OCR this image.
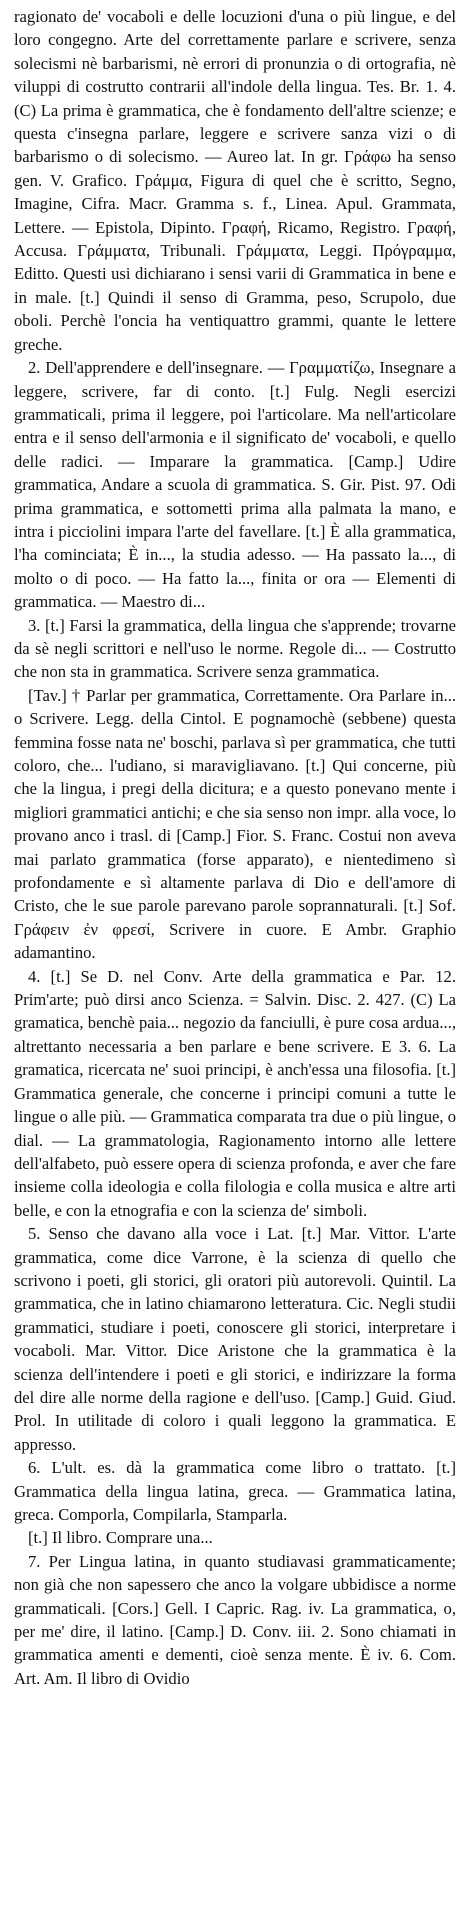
ragionato de' vocaboli e delle locuzioni d'una o più lingue, e del loro congegno. Arte del correttamente parlare e scrivere, senza solecismi nè barbarismi, nè errori di pronunzia o di ortografia, nè viluppi di costrutto contrarii all'indole della lingua. Tes. Br. 1. 4. (C) La prima è grammatica, che è fondamento dell'altre scienze; e questa c'insegna parlare, leggere e scrivere sanza vizi o di barbarismo o di solecismo. — Aureo lat. In gr. Γράφω ha senso gen. V. Grafico. Γράμμα, Figura di quel che è scritto, Segno, Imagine, Cifra. Macr. Gramma s. f., Linea. Apul. Grammata, Lettere. — Epistola, Dipinto. Γραφή, Ricamo, Registro. Γραφή, Accusa. Γράμματα, Tribunali. Γράμματα, Leggi. Πρόγραμμα, Editto. Questi usi dichiarano i sensi varii di Grammatica in bene e in male. [t.] Quindi il senso di Gramma, peso, Scrupolo, due oboli. Perchè l'oncia ha ventiquattro grammi, quante le lettere greche.

2. Dell'apprendere e dell'insegnare. — Γραμματίζω, Insegnare a leggere, scrivere, far di conto. [t.] Fulg. Negli esercizi grammaticali, prima il leggere, poi l'articolare. Ma nell'articolare entra e il senso dell'armonia e il significato de' vocaboli, e quello delle radici. — Imparare la grammatica. [Camp.] Udire grammatica, Andare a scuola di grammatica. S. Gir. Pist. 97. Odi prima grammatica, e sottometti prima alla palmata la mano, e intra i picciolini impara l'arte del favellare. [t.] È alla grammatica, l'ha cominciata; È in..., la studia adesso. — Ha passato la..., di molto o di poco. — Ha fatto la..., finita or ora — Elementi di grammatica. — Maestro di...

3. [t.] Farsi la grammatica, della lingua che s'apprende; trovarne da sè negli scrittori e nell'uso le norme. Regole di... — Costrutto che non sta in grammatica. Scrivere senza grammatica.

[Tav.] † Parlar per grammatica, Correttamente. Ora Parlare in... o Scrivere. Legg. della Cintol. E pognamochè (sebbene) questa femmina fosse nata ne' boschi, parlava sì per grammatica, che tutti coloro, che... l'udiano, si maravigliavano. [t.] Qui concerne, più che la lingua, i pregi della dicitura; e a questo ponevano mente i migliori grammatici antichi; e che sia senso non impr. alla voce, lo provano anco i trasl. di [Camp.] Fior. S. Franc. Costui non aveva mai parlato grammatica (forse apparato), e nientedimeno sì profondamente e sì altamente parlava di Dio e dell'amore di Cristo, che le sue parole parevano parole soprannaturali. [t.] Sof. Γράφειν ἐν φρεσί, Scrivere in cuore. E Ambr. Graphio adamantino.

4. [t.] Se D. nel Conv. Arte della grammatica e Par. 12. Prim'arte; può dirsi anco Scienza. = Salvin. Disc. 2. 427. (C) La gramatica, benchè paia... negozio da fanciulli, è pure cosa ardua..., altrettanto necessaria a ben parlare e bene scrivere. E 3. 6. La gramatica, ricercata ne' suoi principi, è anch'essa una filosofia. [t.] Grammatica generale, che concerne i principi comuni a tutte le lingue o alle più. — Grammatica comparata tra due o più lingue, o dial. — La grammatologia, Ragionamento intorno alle lettere dell'alfabeto, può essere opera di scienza profonda, e aver che fare insieme colla ideologia e colla filologia e colla musica e altre arti belle, e con la etnografia e con la scienza de' simboli.

5. Senso che davano alla voce i Lat. [t.] Mar. Vittor. L'arte grammatica, come dice Varrone, è la scienza di quello che scrivono i poeti, gli storici, gli oratori più autorevoli. Quintil. La grammatica, che in latino chiamarono letteratura. Cic. Negli studii grammatici, studiare i poeti, conoscere gli storici, interpretare i vocaboli. Mar. Vittor. Dice Aristone che la grammatica è la scienza dell'intendere i poeti e gli storici, e indirizzare la forma del dire alle norme della ragione e dell'uso. [Camp.] Guid. Giud. Prol. In utilitade di coloro i quali leggono la grammatica. E appresso.

6. L'ult. es. dà la grammatica come libro o trattato. [t.] Grammatica della lingua latina, greca. — Grammatica latina, greca. Comporla, Compilarla, Stamparla.

[t.] Il libro. Comprare una...

7. Per Lingua latina, in quanto studiavasi grammaticamente; non già che non sapessero che anco la volgare ubbidisce a norme grammaticali. [Cors.] Gell. I Capric. Rag. iv. La grammatica, o, per me' dire, il latino. [Camp.] D. Conv. iii. 2. Sono chiamati in grammatica amenti e dementi, cioè senza mente. È iv. 6. Com. Art. Am. Il libro di Ovidio
